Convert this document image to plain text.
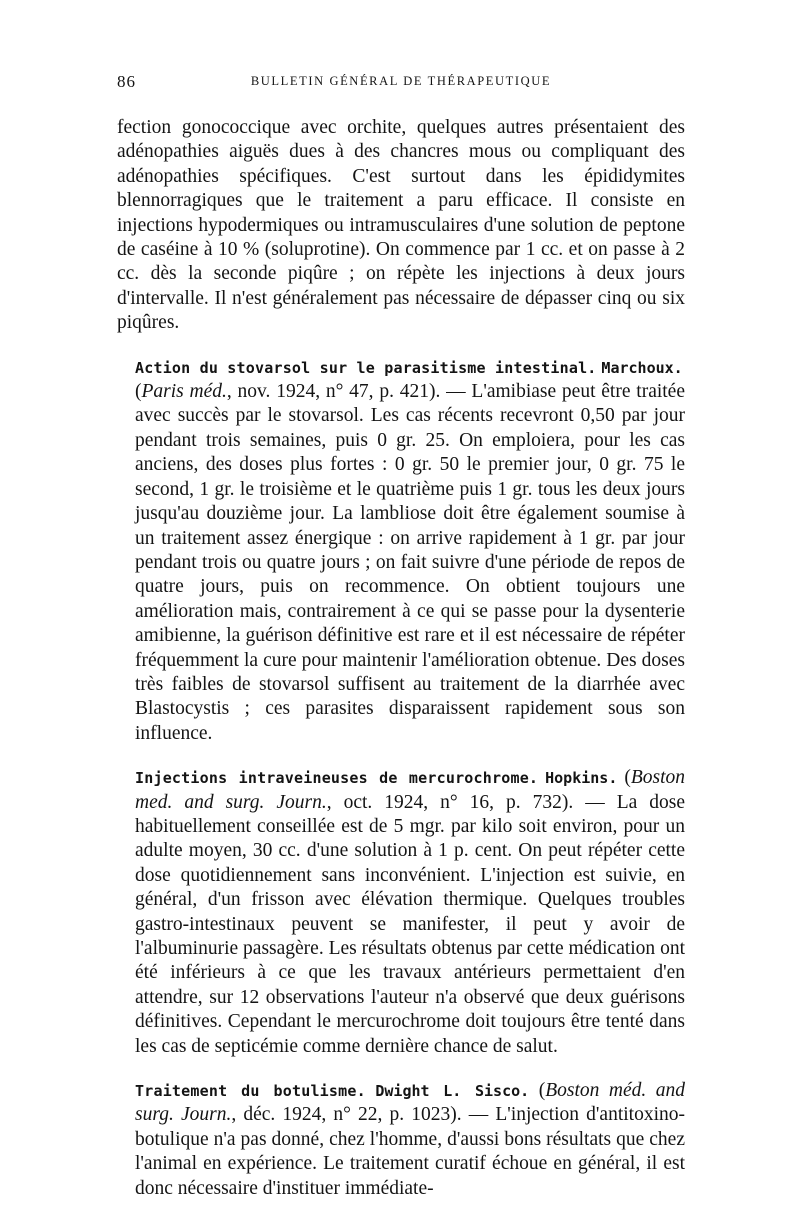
86	BULLETIN GÉNÉRAL DE THÉRAPEUTIQUE

fection gonococcique avec orchite, quelques autres présentaient des adénopathies aiguës dues à des chancres mous ou compliquant des adénopathies spécifiques. C'est surtout dans les épididymites blennorragiques que le traitement a paru efficace. Il consiste en injections hypodermiques ou intramusculaires d'une solution de peptone de caséine à 10 % (soluprotine). On commence par 1 cc. et on passe à 2 cc. dès la seconde piqûre ; on répète les injections à deux jours d'intervalle. Il n'est généralement pas nécessaire de dépasser cinq ou six piqûres.

Action du stovarsol sur le parasitisme intestinal. Marchoux.
(Paris méd., nov. 1924, n° 47, p. 421). — L'amibiase peut être traitée avec succès par le stovarsol. Les cas récents recevront 0,50 par jour pendant trois semaines, puis 0 gr. 25. On emploiera, pour les cas anciens, des doses plus fortes : 0 gr. 50 le premier jour, 0 gr. 75 le second, 1 gr. le troisième et le quatrième puis 1 gr. tous les deux jours jusqu'au douzième jour. La lambliose doit être également soumise à un traitement assez énergique : on arrive rapidement à 1 gr. par jour pendant trois ou quatre jours ; on fait suivre d'une période de repos de quatre jours, puis on recommence. On obtient toujours une amélioration mais, contrairement à ce qui se passe pour la dysenterie amibienne, la guérison définitive est rare et il est nécessaire de répéter fréquemment la cure pour maintenir l'amélioration obtenue. Des doses très faibles de stovarsol suffisent au traitement de la diarrhée avec Blastocystis ; ces parasites disparaissent rapidement sous son influence.

Injections intraveineuses de mercurochrome. Hopkins. (Boston med. and surg. Journ., oct. 1924, n° 16, p. 732). — La dose habituellement conseillée est de 5 mgr. par kilo soit environ, pour un adulte moyen, 30 cc. d'une solution à 1 p. cent. On peut répéter cette dose quotidiennement sans inconvénient. L'injection est suivie, en général, d'un frisson avec élévation thermique. Quelques troubles gastro-intestinaux peuvent se manifester, il peut y avoir de l'albuminurie passagère. Les résultats obtenus par cette médication ont été inférieurs à ce que les travaux antérieurs permettaient d'en attendre, sur 12 observations l'auteur n'a observé que deux guérisons définitives. Cependant le mercurochrome doit toujours être tenté dans les cas de septicémie comme dernière chance de salut.

Traitement du botulisme. Dwight L. Sisco. (Boston méd. and surg. Journ., déc. 1924, n° 22, p. 1023). — L'injection d'antitoxino-botulique n'a pas donné, chez l'homme, d'aussi bons résultats que chez l'animal en expérience. Le traitement curatif échoue en général, il est donc nécessaire d'instituer immédiate-
